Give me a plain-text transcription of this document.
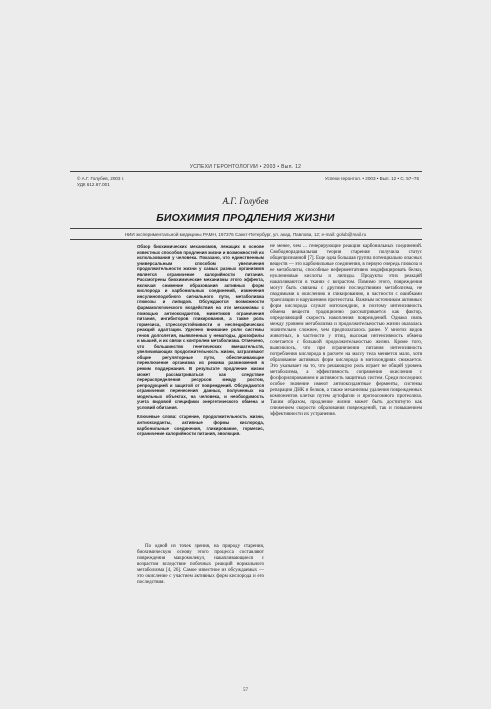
УСПЕХИ ГЕРОНТОЛОГИИ • 2003 • Вып. 12
© А.Г. Голубев, 2003 г.
УДК 612.67.001
Успехи геронтол. • 2003 • Вып. 12 • С. 57–76
А.Г. Голубев
БИОХИМИЯ ПРОДЛЕНИЯ ЖИЗНИ
НИИ экспериментальной медицины РАМН, 197376 Санкт-Петербург, ул. акад. Павлова, 12; e-mail: golub@mail.ru

Обзор биохимических механизмов, лежащих в основе известных способов продления жизни и возможностей их использования у человека. Показано, что единственным универсальным способом увеличения продолжительности жизни у самых разных организмов является ограничение калорийности питания. Рассмотрены биохимические механизмы этого эффекта, включая снижение образования активных форм кислорода и карбонильных соединений, изменения инсулиноподобного сигнального пути, метаболизма глюкозы и липидов. Обсуждаются возможности фармакологического воздействия на эти механизмы с помощью антиоксидантов, миметиков ограничения питания, ингибиторов гликирования, а также роль гормезиса, стрессоустойчивости и неспецифических реакций адаптации. Уделено внимание роли системы генов долголетия, выявленных у нематоды, дрозофилы и мышей, и их связи с контролем метаболизма. Отмечено, что большинство генетических вмешательств, увеличивающих продолжительность жизни, затрагивают общие регуляторные пути, обеспечивающие переключение организма из режима размножения в режим поддержания. В результате продление жизни может рассматриваться как следствие перераспределения ресурсов между ростом, репродукцией и защитой от повреждений. Обсуждаются ограничения перенесения данных, полученных на модельных объектах, на человека, и необходимость учета видовой специфики энергетического обмена и условий обитания.

Ключевые слова: старение, продолжительность жизни, антиоксиданты, активные формы кислорода, карбонильные соединения, гликирование, гормезис, ограничение калорийности питания, эволюция.

По одной из точек зрения, на природу старения, биохимическую основу этого процесса составляют повреждения макромолекул, накапливающиеся с возрастом вследствие побочных реакций нормального метаболизма [4, 26]. Самое известное из обсуждаемых — это окисление с участием активных форм кислорода и его последствия.

не менее, чем ... генерирующие реакции карбонильных соединений. Свободнорадикальная теория старения получила статус общепризнанной [7]. Еще одна большая группа потенциально опасных веществ — это карбонильные соединения, в первую очередь глюкоза и ее метаболиты, способные неферментативно модифицировать белки, нуклеиновые кислоты и липиды. Продукты этих реакций накапливаются в тканях с возрастом. Помимо этого, повреждения могут быть связаны с другими последствиями метаболизма, не сводимыми к окислению и гликированию, в частности с ошибками трансляции и нарушением протеостаза. Важным источником активных форм кислорода служат митохондрии, и поэтому интенсивность обмена веществ традиционно рассматривается как фактор, определяющий скорость накопления повреждений. Однако связь между уровнем метаболизма и продолжительностью жизни оказалась значительно сложнее, чем предполагалось ранее. У многих видов животных, в частности у птиц, высокая интенсивность обмена сочетается с большой продолжительностью жизни. Кроме того, выяснилось, что при ограничении питания интенсивность потребления кислорода в расчете на массу тела меняется мало, хотя образование активных форм кислорода в митохондриях снижается. Это указывает на то, что решающую роль играет не общий уровень метаболизма, а эффективность сопряжения окисления с фосфорилированием и активность защитных систем. Среди последних особое значение имеют антиоксидантные ферменты, системы репарации ДНК и белков, а также механизмы удаления поврежденных компонентов клетки путем аутофагии и протеасомного протеолиза. Таким образом, продление жизни может быть достигнуто как снижением скорости образования повреждений, так и повышением эффективности их устранения.

57
